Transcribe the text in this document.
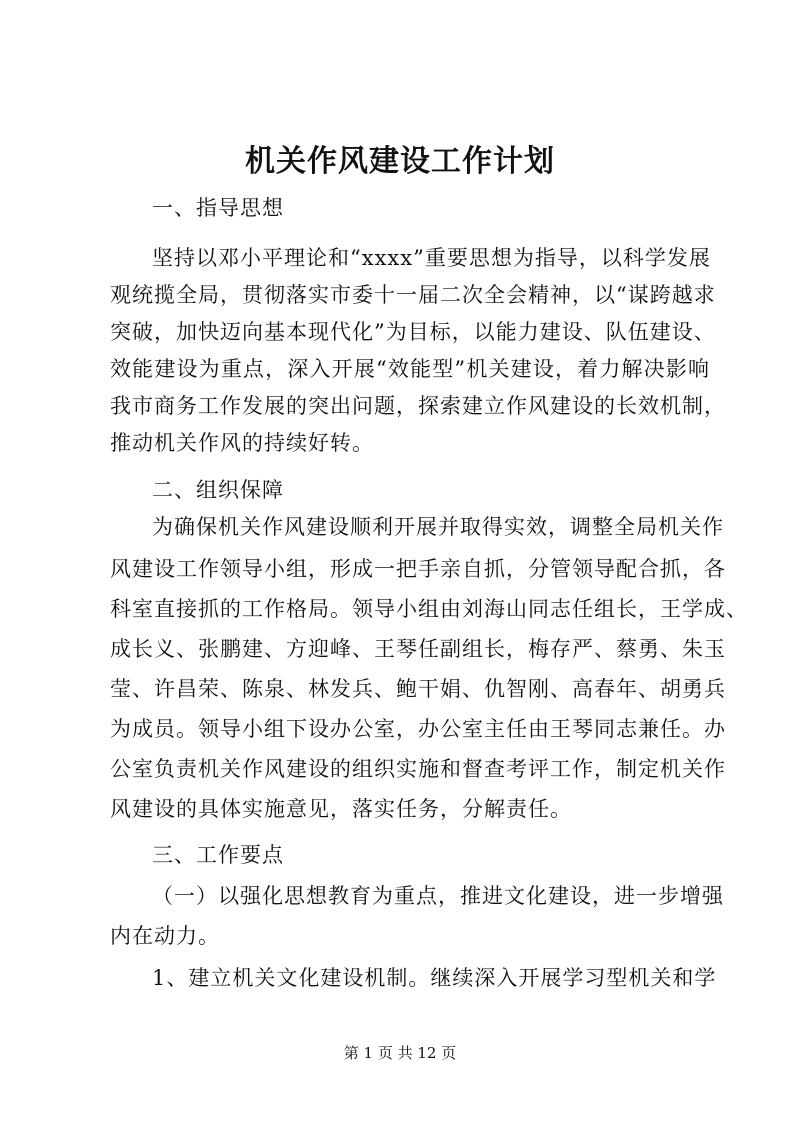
机关作风建设工作计划
一、指导思想
坚持以邓小平理论和“xxxx”重要思想为指导，以科学发展
观统揽全局，贯彻落实市委十一届二次全会精神，以“谋跨越求
突破，加快迈向基本现代化”为目标，以能力建设、队伍建设、
效能建设为重点，深入开展“效能型”机关建设，着力解决影响
我市商务工作发展的突出问题，探索建立作风建设的长效机制，
推动机关作风的持续好转。
二、组织保障
为确保机关作风建设顺利开展并取得实效，调整全局机关作
风建设工作领导小组，形成一把手亲自抓，分管领导配合抓，各
科室直接抓的工作格局。领导小组由刘海山同志任组长，王学成、
成长义、张鹏建、方迎峰、王琴任副组长，梅存严、蔡勇、朱玉
莹、许昌荣、陈泉、林发兵、鲍干娟、仇智刚、高春年、胡勇兵
为成员。领导小组下设办公室，办公室主任由王琴同志兼任。办
公室负责机关作风建设的组织实施和督查考评工作，制定机关作
风建设的具体实施意见，落实任务，分解责任。
三、工作要点
（一）以强化思想教育为重点，推进文化建设，进一步增强
内在动力。
1、建立机关文化建设机制。继续深入开展学习型机关和学
第 1 页 共 12 页
